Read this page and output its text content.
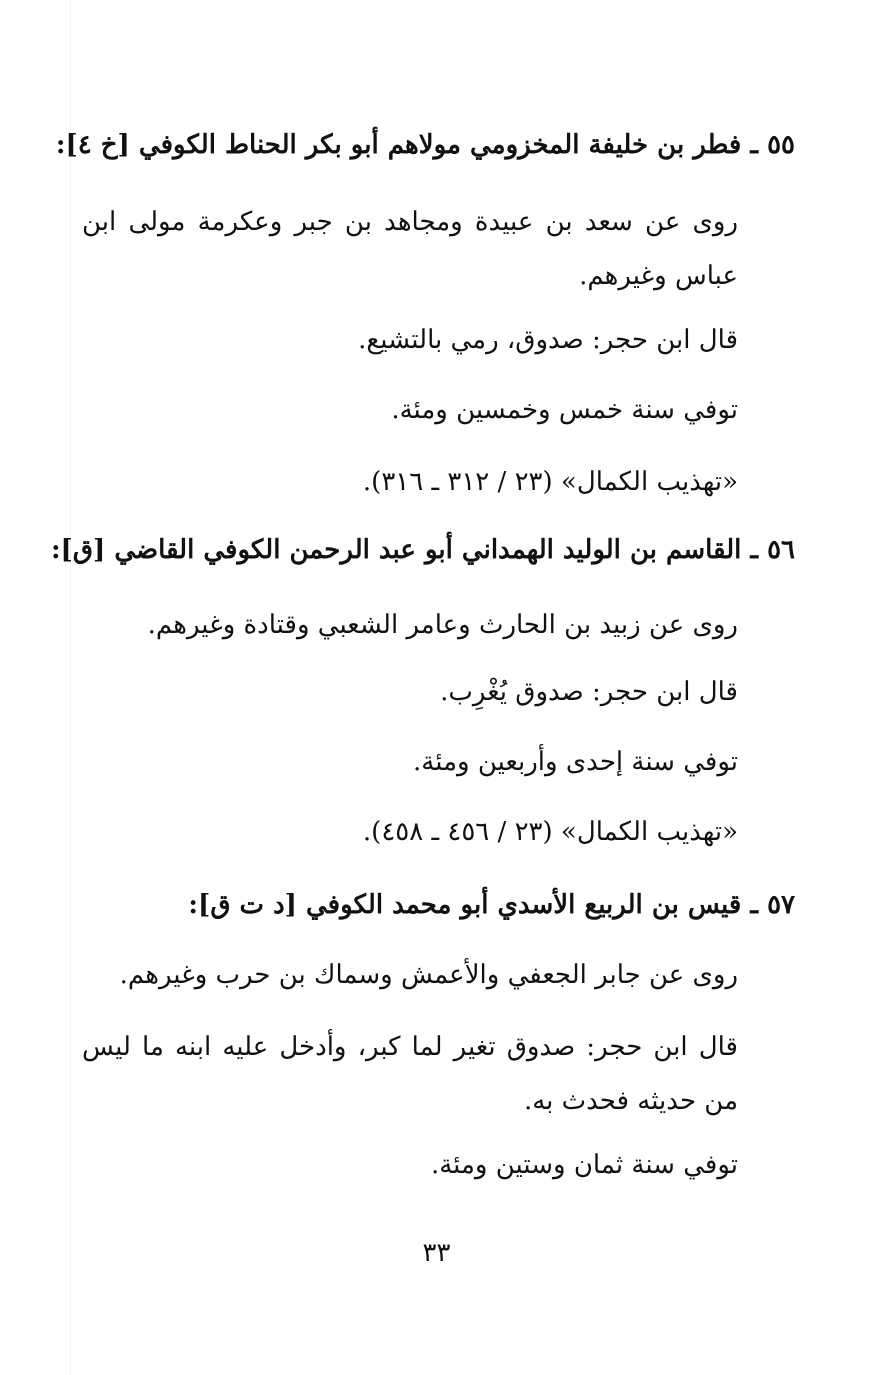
٥٥ ـ فطر بن خليفة المخزومي مولاهم أبو بكر الحناط الكوفي [خ ٤]:
روى عن سعد بن عبيدة ومجاهد بن جبر وعكرمة مولى ابن عباس وغيرهم.
قال ابن حجر: صدوق، رمي بالتشيع.
توفي سنة خمس وخمسين ومئة.
«تهذيب الكمال» (٢٣ / ٣١٢ ـ ٣١٦).
٥٦ ـ القاسم بن الوليد الهمداني أبو عبد الرحمن الكوفي القاضي [ق]:
روى عن زبيد بن الحارث وعامر الشعبي وقتادة وغيرهم.
قال ابن حجر: صدوق يُغْرِب.
توفي سنة إحدى وأربعين ومئة.
«تهذيب الكمال» (٢٣ / ٤٥٦ ـ ٤٥٨).
٥٧ ـ قيس بن الربيع الأسدي أبو محمد الكوفي [د ت ق]:
روى عن جابر الجعفي والأعمش وسماك بن حرب وغيرهم.
قال ابن حجر: صدوق تغير لما كبر، وأدخل عليه ابنه ما ليس من حديثه فحدث به.
توفي سنة ثمان وستين ومئة.
٣٣
